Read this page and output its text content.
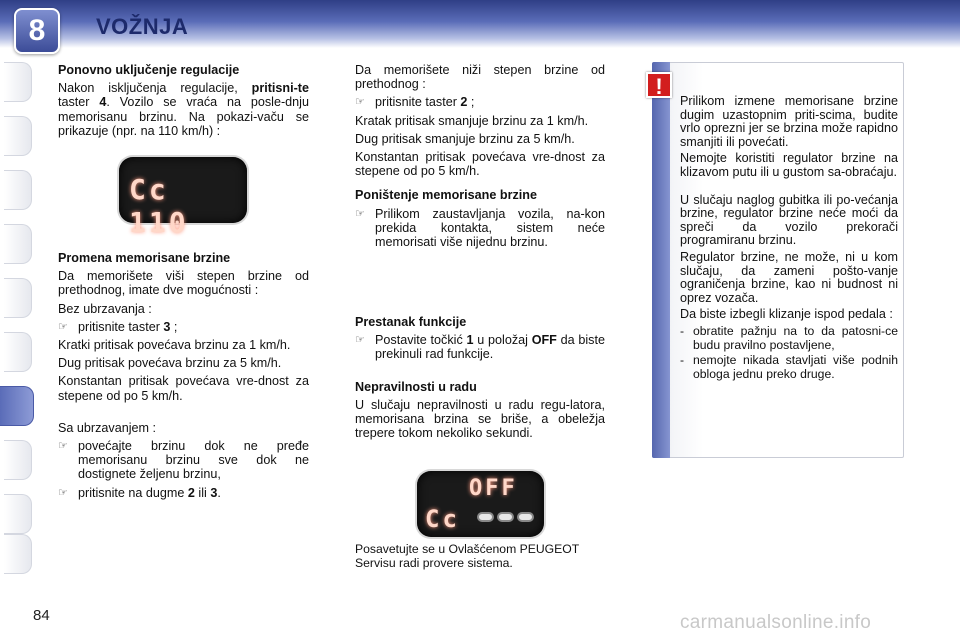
8	VOŽNJA
Ponovno uključenje regulacije

Nakon isključenja regulacije, pritisni-te taster 4. Vozilo se vraća na posle-dnju memorisanu brzinu. Na pokazi-vaču se prikazuje (npr. na 110 km/h) :

Cc 110
Promena memorisane brzine

Da memorišete viši stepen brzine od prethodnog, imate dve mogućnosti :

Bez ubrzavanja :

☞ pritisnite taster 3 ;

Kratki pritisak povećava brzinu za 1 km/h.

Dug pritisak povećava brzinu za 5 km/h.

Konstantan pritisak povećava vre-dnost za stepene od po 5 km/h.

Sa ubrzavanjem :

☞ povećajte brzinu dok ne pređe memorisanu brzinu sve dok ne dostignete željenu brzinu,
☞ pritisnite na dugme 2 ili 3.

Da memorišete niži stepen brzine od prethodnog :

☞ pritisnite taster 2 ;

Kratak pritisak smanjuje brzinu za 1 km/h.

Dug pritisak smanjuje brzinu za 5 km/h.

Konstantan pritisak povećava vre-dnost za stepene od po 5 km/h.

Poništenje memorisane brzine
☞ Prilikom zaustavljanja vozila, na-kon prekida kontakta, sistem neće memorisati više nijednu brzinu.
Prestanak funkcije
☞ Postavite točkić 1 u položaj OFF da biste prekinuli rad funkcije.
Nepravilnosti u radu

U slučaju nepravilnosti u radu regu-latora, memorisana brzina se briše, a obeležja trepere tokom nekoliko sekundi.

OFF
Cc
Posavetujte se u Ovlašćenom PEUGEOT Servisu radi provere sistema.
!

Prilikom izmene memorisane brzine dugim uzastopnim priti-scima, budite vrlo oprezni jer se brzina može rapidno smanjiti ili povećati.

Nemojte koristiti regulator brzine na klizavom putu ili u gustom sa-obraćaju.

U slučaju naglog gubitka ili po-većanja brzine, regulator brzine neće moći da spreči da vozilo prekorači programiranu brzinu.

Regulator brzine, ne može, ni u kom slučaju, da zameni pošto-vanje ograničenja brzine, kao ni budnost ni oprez vozača.

Da biste izbegli klizanje ispod pedala :

- obratite pažnju na to da patosni-ce budu pravilno postavljene,
- nemojte nikada stavljati više podnih obloga jednu preko druge.
84	carmanualsonline.info
